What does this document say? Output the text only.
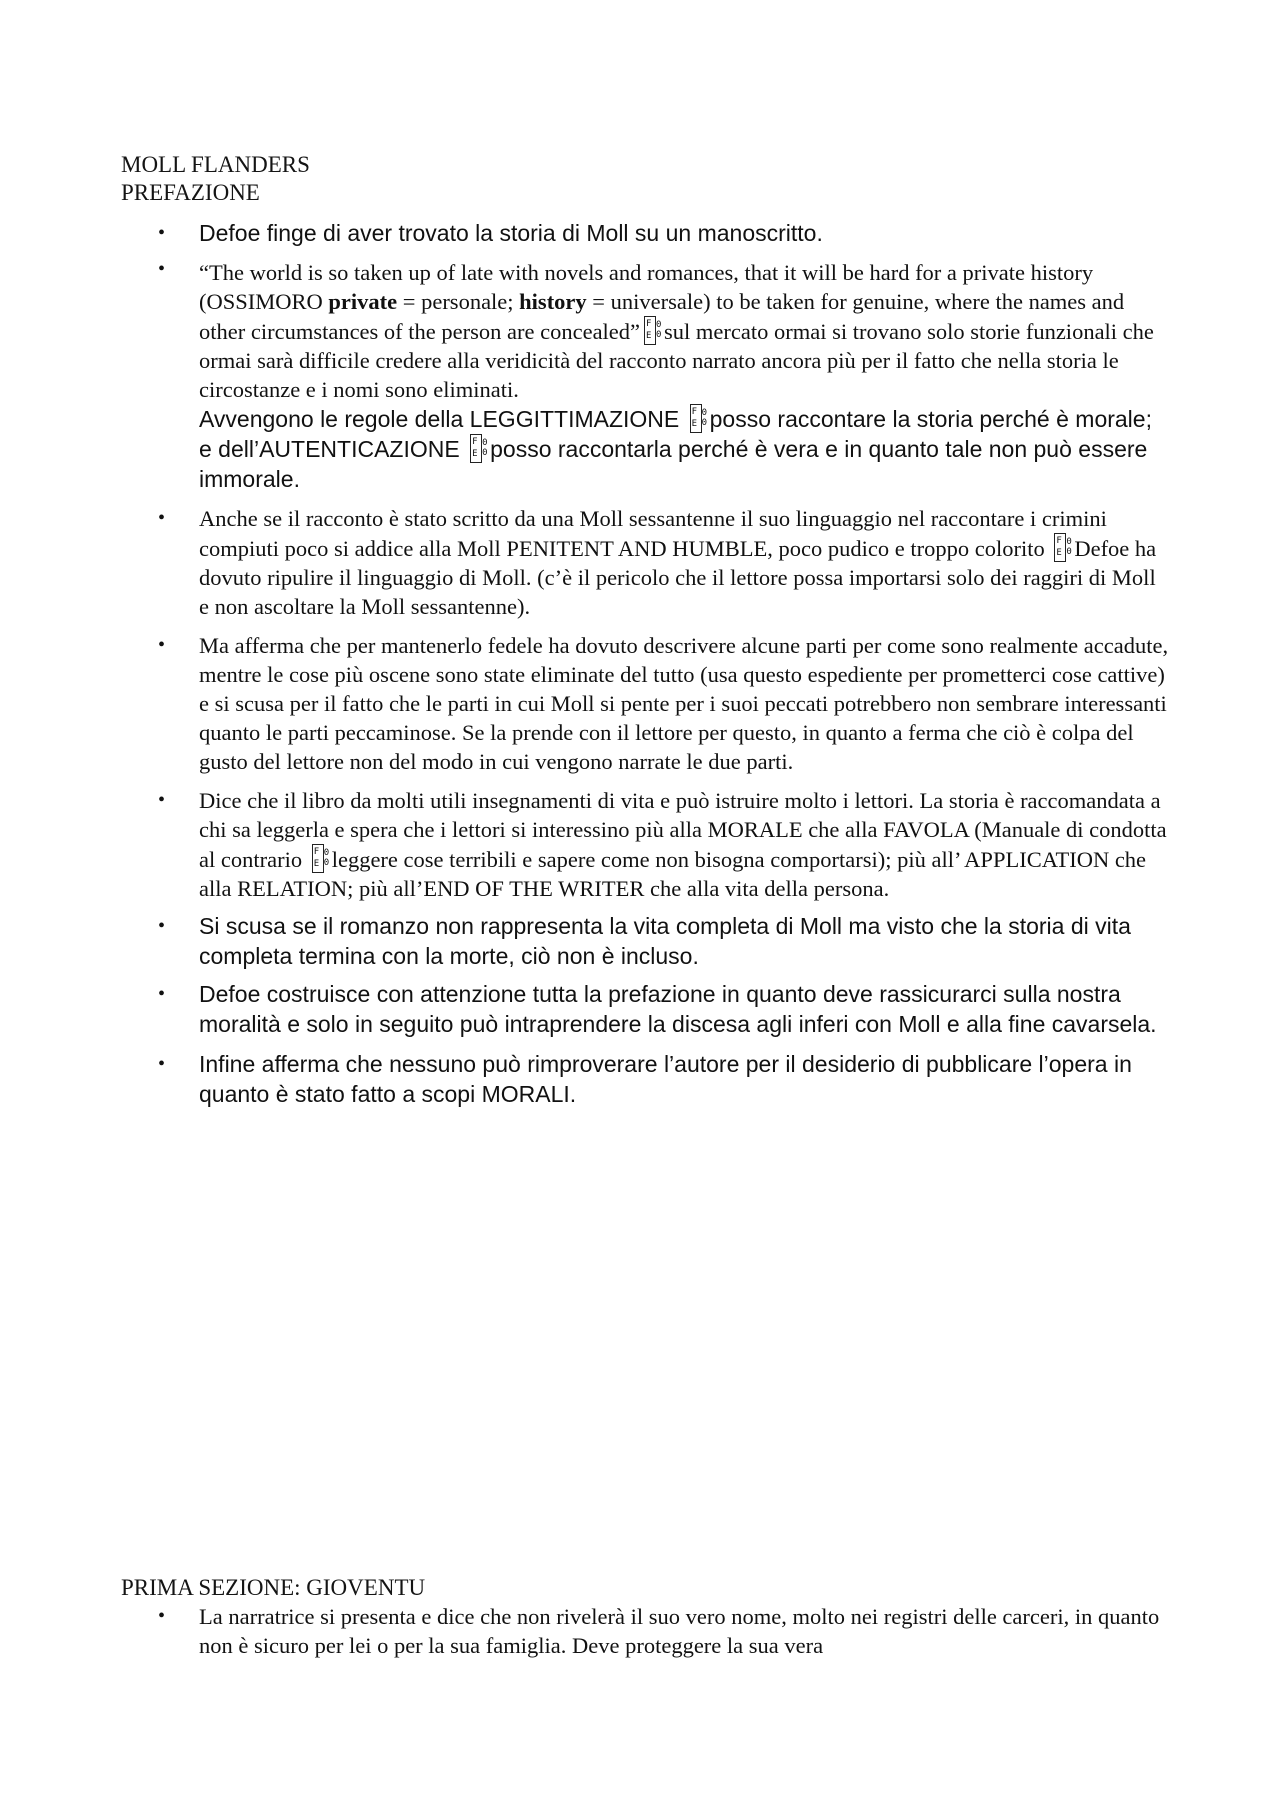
MOLL FLANDERS
PREFAZIONE
• Defoe finge di aver trovato la storia di Moll su un manoscritto.
• “The world is so taken up of late with novels and romances, that it will be hard for a private history (OSSIMORO private = personale; history = universale) to be taken for genuine, where the names and other circumstances of the person are concealed” F
E
0
0 sul mercato ormai si trovano solo storie funzionali che ormai sarà difficile credere alla veridicità del racconto narrato ancora più per il fatto che nella storia le circostanze e i nomi sono eliminati.
Avvengono le regole della LEGGITTIMAZIONE F
E
0
0 posso raccontare la storia perché è morale; e dell’AUTENTICAZIONE F
E
0
0 posso raccontarla perché è vera e in quanto tale non può essere immorale.
• Anche se il racconto è stato scritto da una Moll sessantenne il suo linguaggio nel raccontare i crimini compiuti poco si addice alla Moll PENITENT AND HUMBLE, poco pudico e troppo colorito F
E
0
0 Defoe ha dovuto ripulire il linguaggio di Moll. (c’è il pericolo che il lettore possa importarsi solo dei raggiri di Moll e non ascoltare la Moll sessantenne).
• Ma afferma che per mantenerlo fedele ha dovuto descrivere alcune parti per come sono realmente accadute, mentre le cose più oscene sono state eliminate del tutto (usa questo espediente per prometterci cose cattive) e si scusa per il fatto che le parti in cui Moll si pente per i suoi peccati potrebbero non sembrare interessanti quanto le parti peccaminose. Se la prende con il lettore per questo, in quanto a ferma che ciò è colpa del gusto del lettore non del modo in cui vengono narrate le due parti.
• Dice che il libro da molti utili insegnamenti di vita e può istruire molto i lettori. La storia è raccomandata a chi sa leggerla e spera che i lettori si interessino più alla MORALE che alla FAVOLA (Manuale di condotta al contrario F
E
0
0 leggere cose terribili e sapere come non bisogna comportarsi); più all’ APPLICATION che alla RELATION; più all’END OF THE WRITER che alla vita della persona.
• Si scusa se il romanzo non rappresenta la vita completa di Moll ma visto che la storia di vita completa termina con la morte, ciò non è incluso.
• Defoe costruisce con attenzione tutta la prefazione in quanto deve rassicurarci sulla nostra moralità e solo in seguito può intraprendere la discesa agli inferi con Moll e alla fine cavarsela.
• Infine afferma che nessuno può rimproverare l’autore per il desiderio di pubblicare l’opera in quanto è stato fatto a scopi MORALI.
PRIMA SEZIONE: GIOVENTU
• La narratrice si presenta e dice che non rivelerà il suo vero nome, molto nei registri delle carceri, in quanto non è sicuro per lei o per la sua famiglia. Deve proteggere la sua vera
